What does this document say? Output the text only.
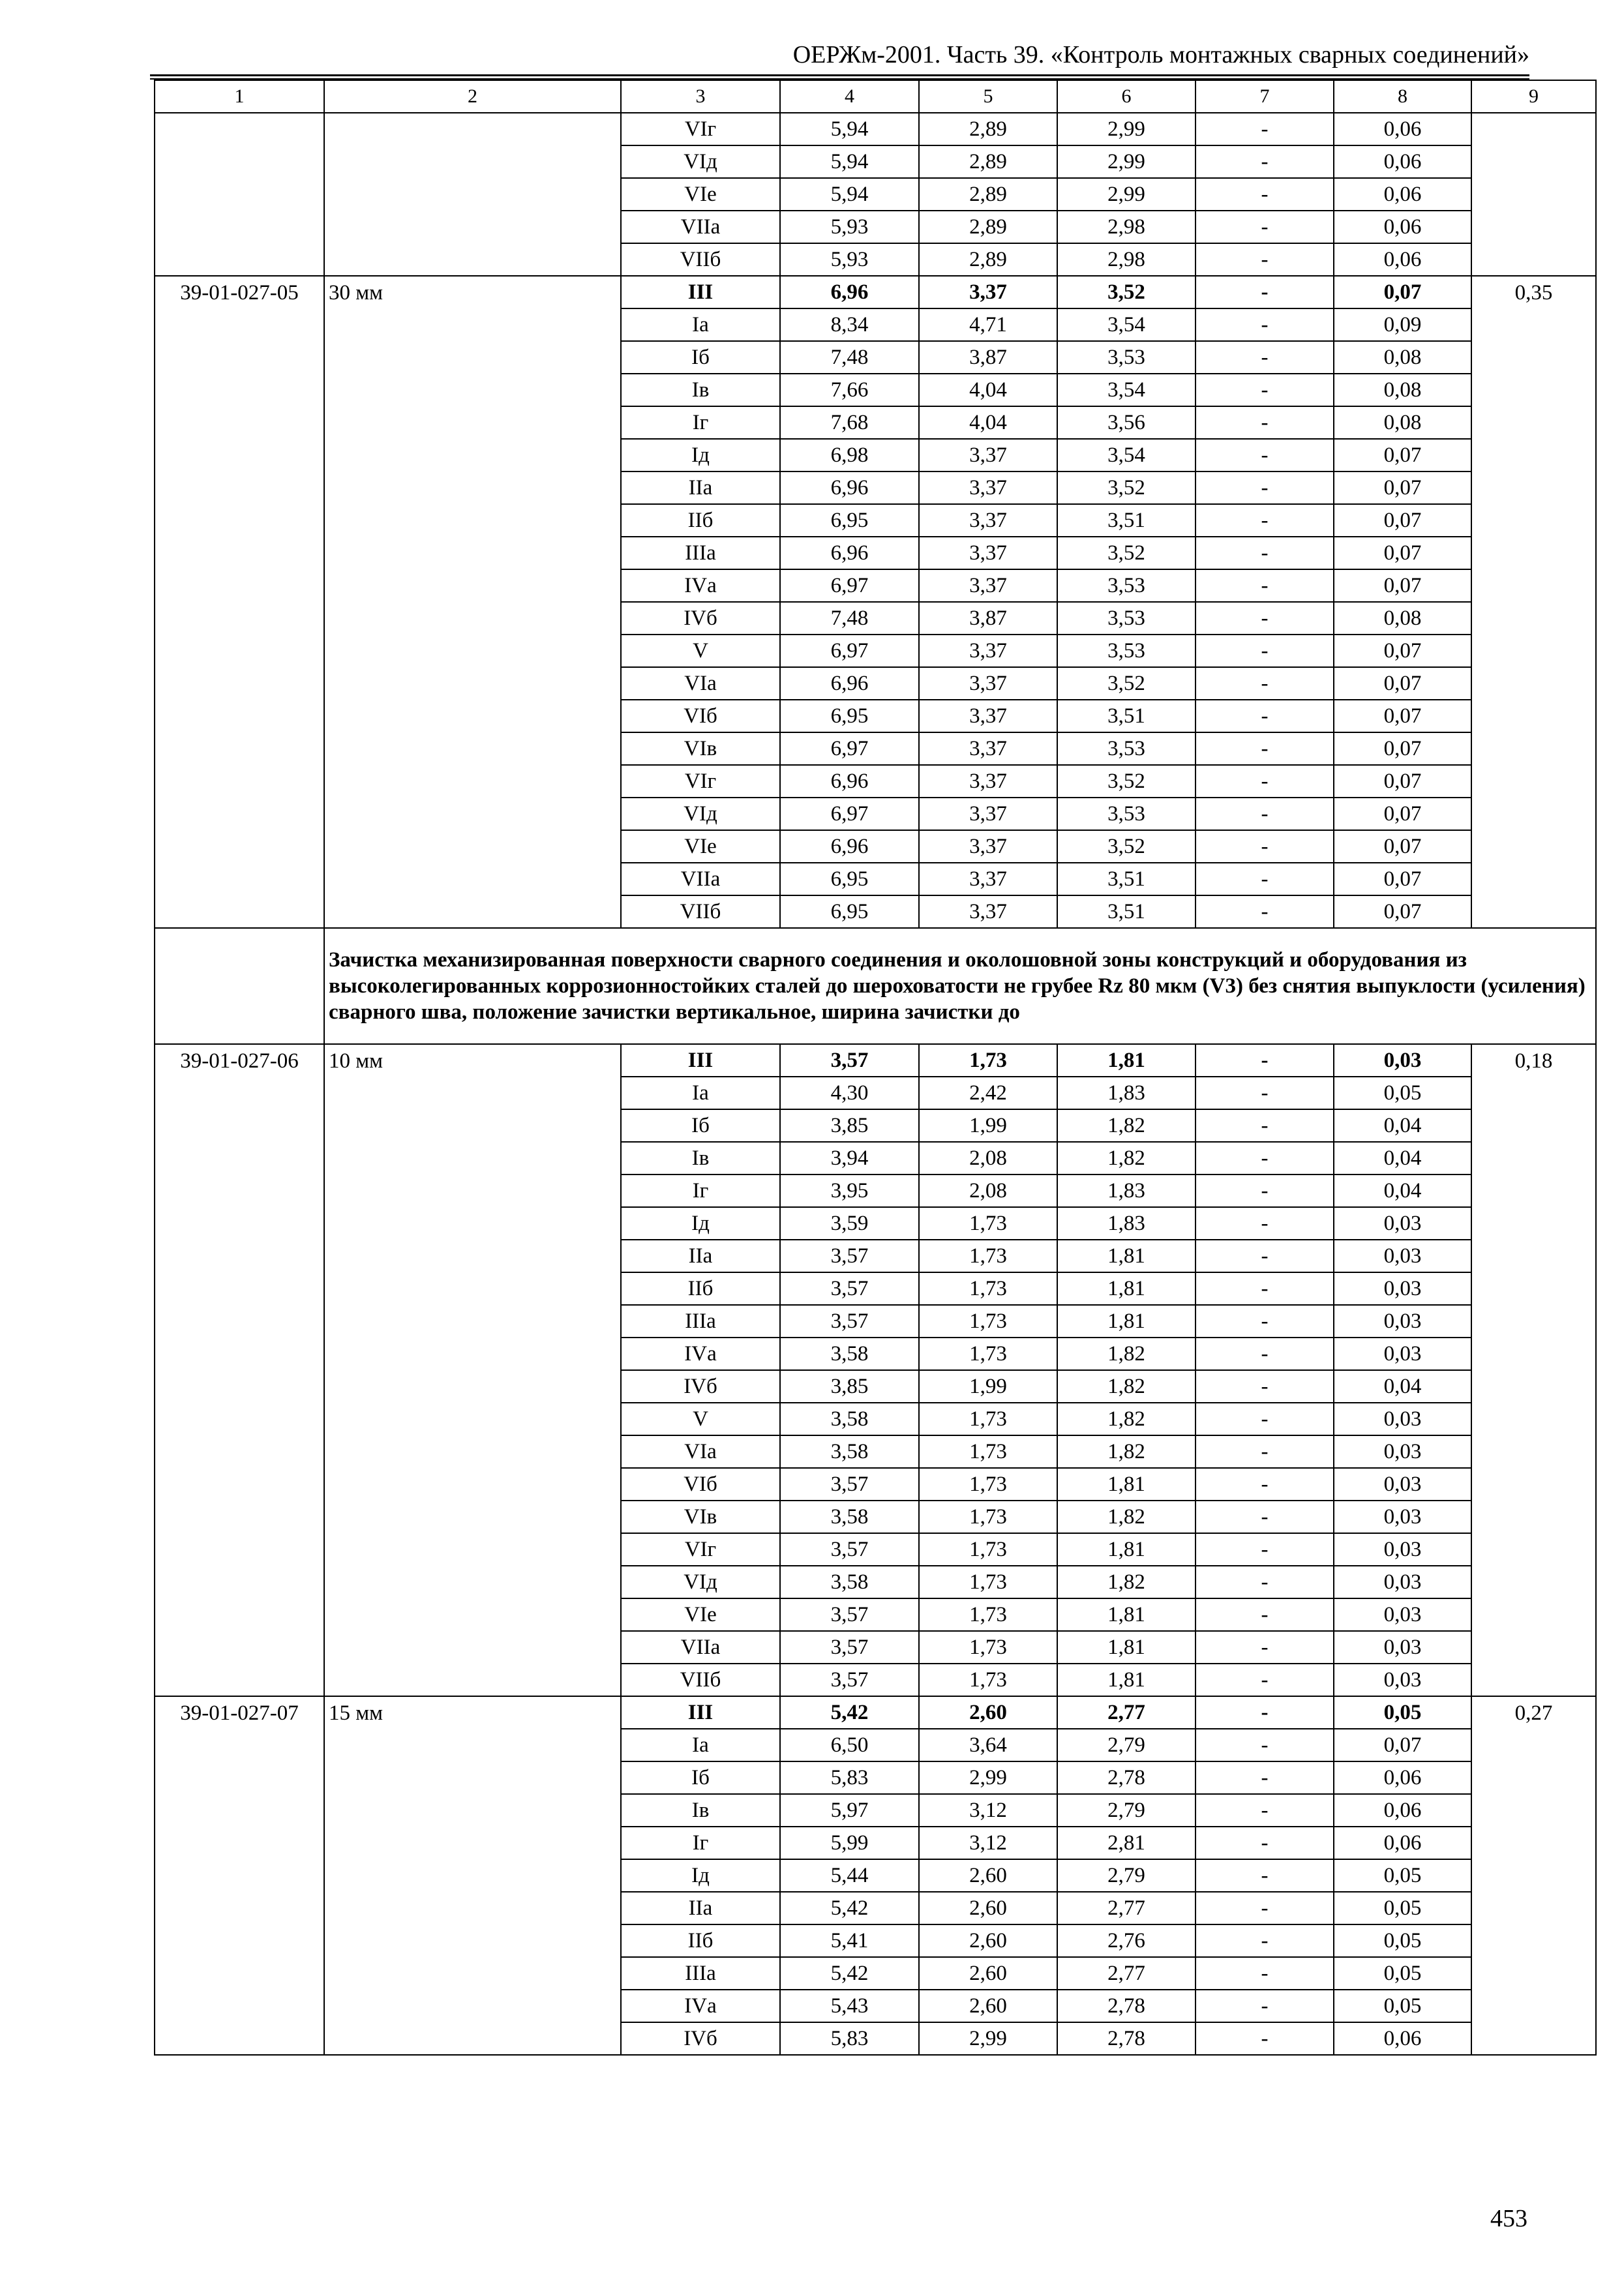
ОЕРЖм-2001. Часть 39. «Контроль монтажных сварных соединений»
1	2	3	4	5	6	7	8	9
		VIг	5,94	2,89	2,99	-	0,06	
		VIд	5,94	2,89	2,99	-	0,06	
		VIе	5,94	2,89	2,99	-	0,06	
		VIIа	5,93	2,89	2,98	-	0,06	
		VIIб	5,93	2,89	2,98	-	0,06	
39-01-027-05	30 мм	III	6,96	3,37	3,52	-	0,07	0,35
		Iа	8,34	4,71	3,54	-	0,09	
		Iб	7,48	3,87	3,53	-	0,08	
		Iв	7,66	4,04	3,54	-	0,08	
		Iг	7,68	4,04	3,56	-	0,08	
		Iд	6,98	3,37	3,54	-	0,07	
		IIа	6,96	3,37	3,52	-	0,07	
		IIб	6,95	3,37	3,51	-	0,07	
		IIIа	6,96	3,37	3,52	-	0,07	
		IVа	6,97	3,37	3,53	-	0,07	
		IVб	7,48	3,87	3,53	-	0,08	
		V	6,97	3,37	3,53	-	0,07	
		VIа	6,96	3,37	3,52	-	0,07	
		VIб	6,95	3,37	3,51	-	0,07	
		VIв	6,97	3,37	3,53	-	0,07	
		VIг	6,96	3,37	3,52	-	0,07	
		VIд	6,97	3,37	3,53	-	0,07	
		VIе	6,96	3,37	3,52	-	0,07	
		VIIа	6,95	3,37	3,51	-	0,07	
		VIIб	6,95	3,37	3,51	-	0,07	
	Зачистка механизированная поверхности сварного соединения и околошовной зоны конструкций и оборудования из высоколегированных коррозионностойких сталей до шероховатости не грубее Rz 80 мкм (V3) без снятия выпуклости (усиления) сварного шва, положение зачистки вертикальное, ширина зачистки до							
39-01-027-06	10 мм	III	3,57	1,73	1,81	-	0,03	0,18
		Iа	4,30	2,42	1,83	-	0,05	
		Iб	3,85	1,99	1,82	-	0,04	
		Iв	3,94	2,08	1,82	-	0,04	
		Iг	3,95	2,08	1,83	-	0,04	
		Iд	3,59	1,73	1,83	-	0,03	
		IIа	3,57	1,73	1,81	-	0,03	
		IIб	3,57	1,73	1,81	-	0,03	
		IIIа	3,57	1,73	1,81	-	0,03	
		IVа	3,58	1,73	1,82	-	0,03	
		IVб	3,85	1,99	1,82	-	0,04	
		V	3,58	1,73	1,82	-	0,03	
		VIа	3,58	1,73	1,82	-	0,03	
		VIб	3,57	1,73	1,81	-	0,03	
		VIв	3,58	1,73	1,82	-	0,03	
		VIг	3,57	1,73	1,81	-	0,03	
		VIд	3,58	1,73	1,82	-	0,03	
		VIе	3,57	1,73	1,81	-	0,03	
		VIIа	3,57	1,73	1,81	-	0,03	
		VIIб	3,57	1,73	1,81	-	0,03	
39-01-027-07	15 мм	III	5,42	2,60	2,77	-	0,05	0,27
		Iа	6,50	3,64	2,79	-	0,07	
		Iб	5,83	2,99	2,78	-	0,06	
		Iв	5,97	3,12	2,79	-	0,06	
		Iг	5,99	3,12	2,81	-	0,06	
		Iд	5,44	2,60	2,79	-	0,05	
		IIа	5,42	2,60	2,77	-	0,05	
		IIб	5,41	2,60	2,76	-	0,05	
		IIIа	5,42	2,60	2,77	-	0,05	
		IVа	5,43	2,60	2,78	-	0,05	
		IVб	5,83	2,99	2,78	-	0,06	
453
